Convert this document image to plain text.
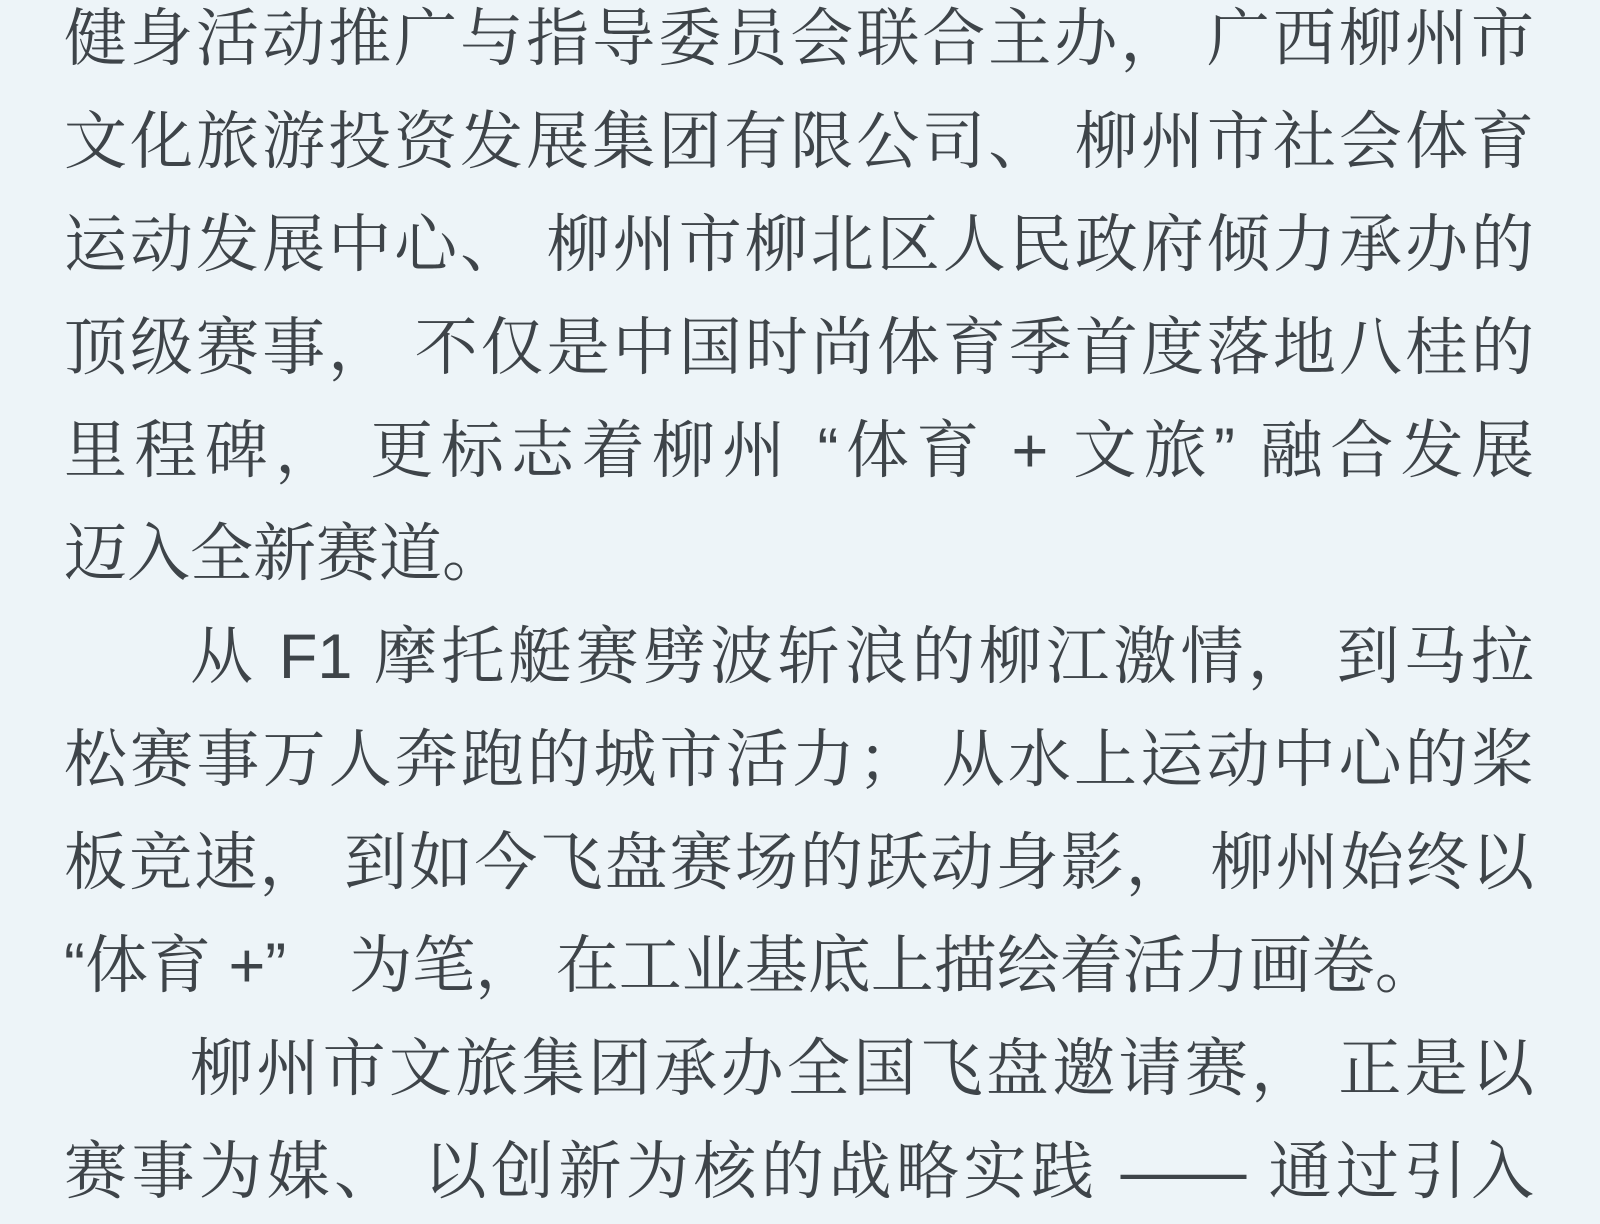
健身活动推广与指导委员会联合主办， 广西柳州市
文化旅游投资发展集团有限公司、 柳州市社会体育
运动发展中心、 柳州市柳北区人民政府倾力承办的
顶级赛事， 不仅是中国时尚体育季首度落地八桂的
里程碑， 更标志着柳州 “体育 + 文旅” 融合发展
迈入全新赛道。
从 F1 摩托艇赛劈波斩浪的柳江激情， 到马拉
松赛事万人奔跑的城市活力； 从水上运动中心的桨
板竞速， 到如今飞盘赛场的跃动身影， 柳州始终以
“体育 +”　为笔， 在工业基底上描绘着活力画卷。
柳州市文旅集团承办全国飞盘邀请赛， 正是以
赛事为媒、 以创新为核的战略实践 —— 通过引入
